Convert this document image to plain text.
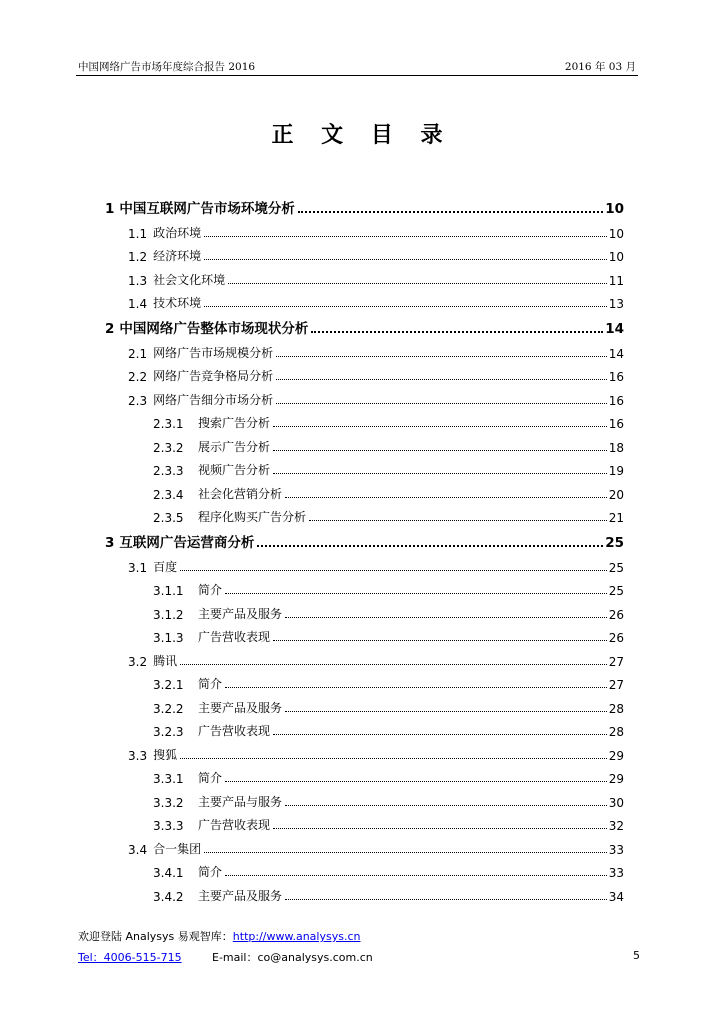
中国网络广告市场年度综合报告 2016	2016 年 03 月
正 文 目 录
1 中国互联网广告市场环境分析	10
1.1 政治环境	10
1.2 经济环境	10
1.3 社会文化环境	11
1.4 技术环境	13
2 中国网络广告整体市场现状分析	14
2.1 网络广告市场规模分析	14
2.2 网络广告竞争格局分析	16
2.3 网络广告细分市场分析	16
2.3.1	搜索广告分析	16
2.3.2	展示广告分析	18
2.3.3	视频广告分析	19
2.3.4	社会化营销分析	20
2.3.5	程序化购买广告分析	21
3 互联网广告运营商分析	25
3.1 百度	25
3.1.1	简介	25
3.1.2	主要产品及服务	26
3.1.3	广告营收表现	26
3.2 腾讯	27
3.2.1	简介	27
3.2.2	主要产品及服务	28
3.2.3	广告营收表现	28
3.3 搜狐	29
3.3.1	简介	29
3.3.2	主要产品与服务	30
3.3.3	广告营收表现	32
3.4 合一集团	33
3.4.1	简介	33
3.4.2	主要产品及服务	34
欢迎登陆 Analysys 易观智库：http://www.analysys.cn
Tel：4006-515-715	E-mail：co@analysys.com.cn	5
